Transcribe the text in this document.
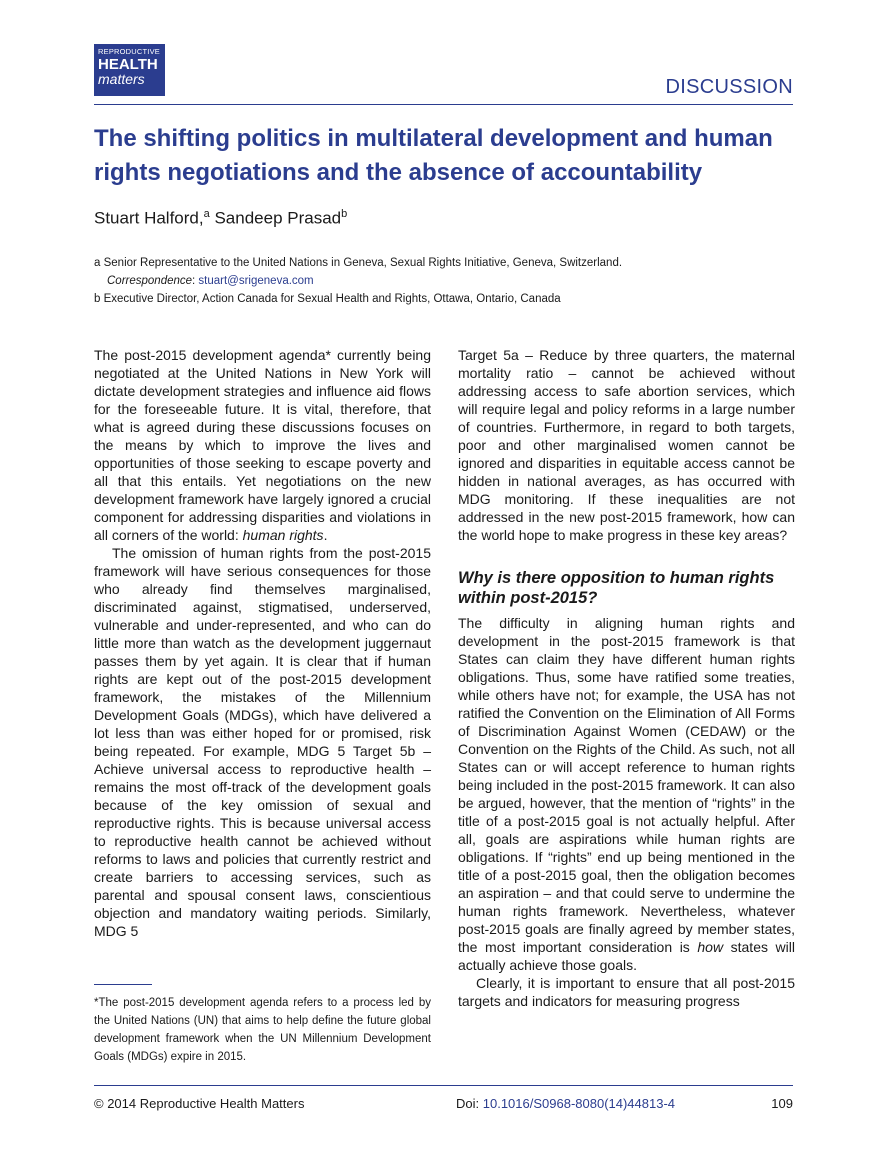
REPRODUCTIVE
HEALTH
matters	DISCUSSION
The shifting politics in multilateral development and human rights negotiations and the absence of accountability
Stuart Halford,$^a$ Sandeep Prasad$^b$
a Senior Representative to the United Nations in Geneva, Sexual Rights Initiative, Geneva, Switzerland.
Correspondence: stuart@srigeneva.com
b Executive Director, Action Canada for Sexual Health and Rights, Ottawa, Ontario, Canada

The post-2015 development agenda* currently being negotiated at the United Nations in New York will dictate development strategies and influence aid flows for the foreseeable future. It is vital, therefore, that what is agreed during these discussions focuses on the means by which to improve the lives and opportunities of those seeking to escape poverty and all that this entails. Yet negotiations on the new development framework have largely ignored a crucial component for addressing disparities and violations in all corners of the world: human rights.

The omission of human rights from the post-2015 framework will have serious consequences for those who already find themselves marginalised, discriminated against, stigmatised, underserved, vulnerable and under-represented, and who can do little more than watch as the development juggernaut passes them by yet again. It is clear that if human rights are kept out of the post-2015 development framework, the mistakes of the Millennium Development Goals (MDGs), which have delivered a lot less than was either hoped for or promised, risk being repeated. For example, MDG 5 Target 5b – Achieve universal access to reproductive health – remains the most off-track of the development goals because of the key omission of sexual and reproductive rights. This is because universal access to reproductive health cannot be achieved without reforms to laws and policies that currently restrict and create barriers to accessing services, such as parental and spousal consent laws, conscientious objection and mandatory waiting periods. Similarly, MDG 5

*The post-2015 development agenda refers to a process led by the United Nations (UN) that aims to help define the future global development framework when the UN Millennium Development Goals (MDGs) expire in 2015.

Target 5a – Reduce by three quarters, the maternal mortality ratio – cannot be achieved without addressing access to safe abortion services, which will require legal and policy reforms in a large number of countries. Furthermore, in regard to both targets, poor and other marginalised women cannot be ignored and disparities in equitable access cannot be hidden in national averages, as has occurred with MDG monitoring. If these inequalities are not addressed in the new post-2015 framework, how can the world hope to make progress in these key areas?

Why is there opposition to human rights within post-2015?

The difficulty in aligning human rights and development in the post-2015 framework is that States can claim they have different human rights obligations. Thus, some have ratified some treaties, while others have not; for example, the USA has not ratified the Convention on the Elimination of All Forms of Discrimination Against Women (CEDAW) or the Convention on the Rights of the Child. As such, not all States can or will accept reference to human rights being included in the post-2015 framework. It can also be argued, however, that the mention of “rights” in the title of a post-2015 goal is not actually helpful. After all, goals are aspirations while human rights are obligations. If “rights” end up being mentioned in the title of a post-2015 goal, then the obligation becomes an aspiration – and that could serve to undermine the human rights framework. Nevertheless, whatever post-2015 goals are finally agreed by member states, the most important consideration is how states will actually achieve those goals.

Clearly, it is important to ensure that all post-2015 targets and indicators for measuring progress

© 2014 Reproductive Health Matters	Doi: 10.1016/S0968-8080(14)44813-4	109
